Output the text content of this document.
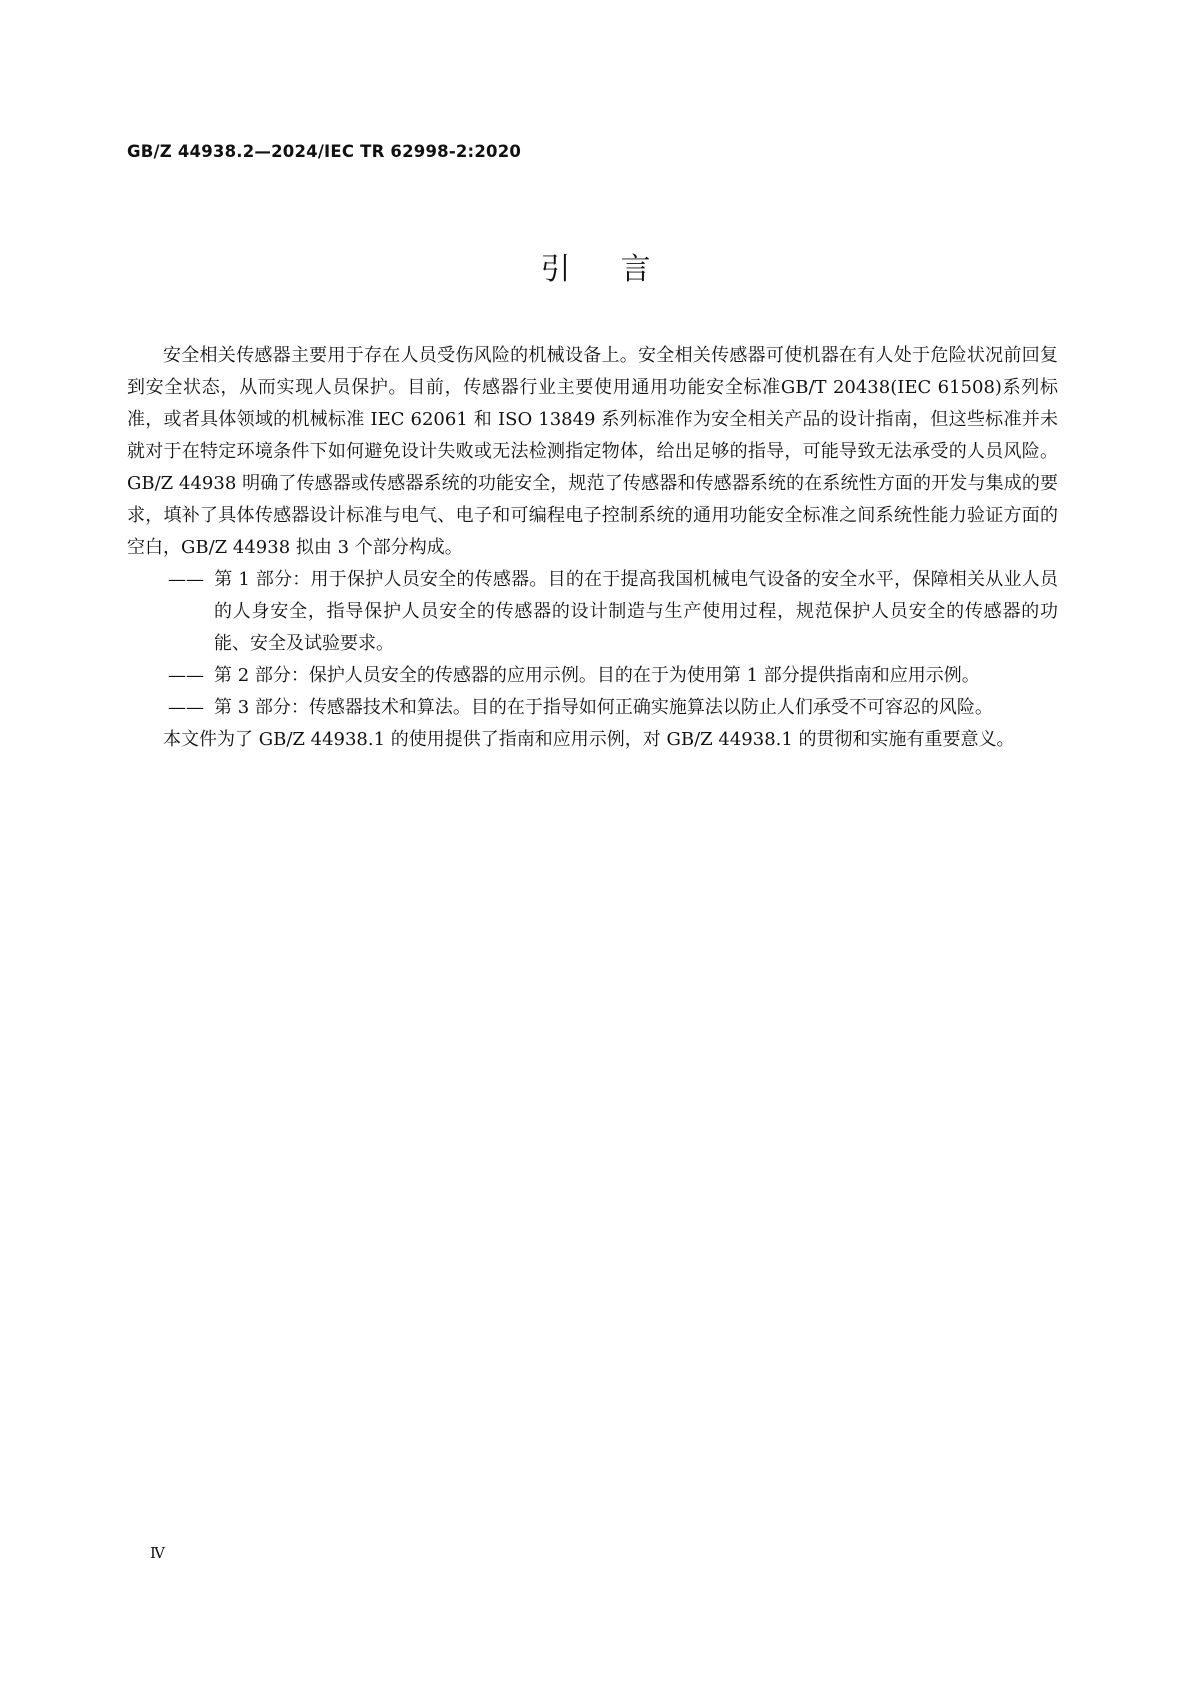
GB/Z 44938.2—2024/IEC TR 62998-2:2020
引言

安全相关传感器主要用于存在人员受伤风险的机械设备上。安全相关传感器可使机器在有人处于危险状况前回复到安全状态，从而实现人员保护。目前，传感器行业主要使用通用功能安全标准GB/T 20438(IEC 61508)系列标准，或者具体领域的机械标准 IEC 62061 和 ISO 13849 系列标准作为安全相关产品的设计指南，但这些标准并未就对于在特定环境条件下如何避免设计失败或无法检测指定物体，给出足够的指导，可能导致无法承受的人员风险。GB/Z 44938 明确了传感器或传感器系统的功能安全，规范了传感器和传感器系统的在系统性方面的开发与集成的要求，填补了具体传感器设计标准与电气、电子和可编程电子控制系统的通用功能安全标准之间系统性能力验证方面的空白，GB/Z 44938 拟由 3 个部分构成。

—— 第 1 部分：用于保护人员安全的传感器。目的在于提高我国机械电气设备的安全水平，保障相关从业人员的人身安全，指导保护人员安全的传感器的设计制造与生产使用过程，规范保护人员安全的传感器的功能、安全及试验要求。

—— 第 2 部分：保护人员安全的传感器的应用示例。目的在于为使用第 1 部分提供指南和应用示例。

—— 第 3 部分：传感器技术和算法。目的在于指导如何正确实施算法以防止人们承受不可容忍的风险。

本文件为了 GB/Z 44938.1 的使用提供了指南和应用示例，对 GB/Z 44938.1 的贯彻和实施有重要意义。

Ⅳ
